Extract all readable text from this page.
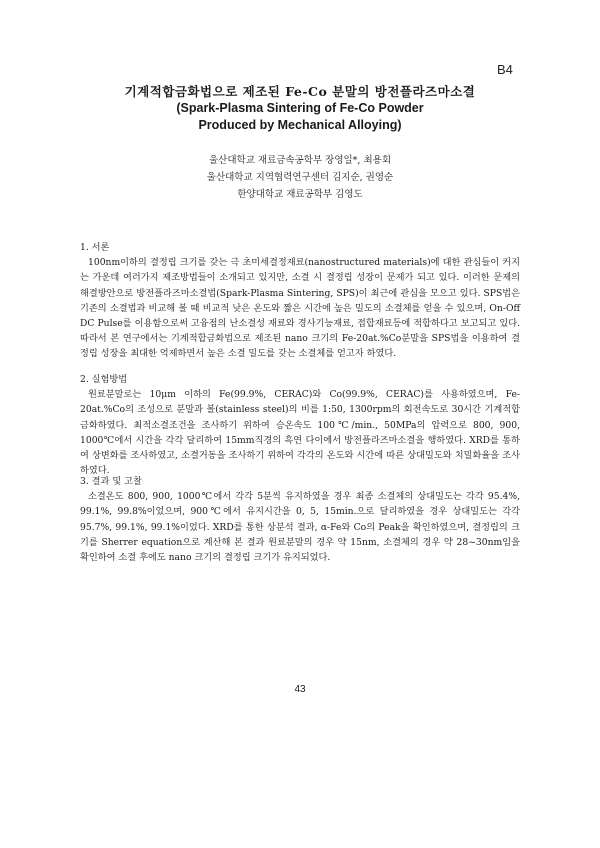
B4

기계적합금화법으로 제조된 Fe-Co 분말의 방전플라즈마소결

(Spark-Plasma Sintering of Fe-Co Powder

Produced by Mechanical Alloying)

울산대학교 재료금속공학부 장영일*, 최용회
울산대학교 지역협력연구센터 김지순, 권영순
한양대학교 재료공학부 김영도

1. 서론

100nm이하의 결정립 크기를 갖는 극 초미세결정재료(nanostructured materials)에 대한 관심들이 커지는 가운데 여러가지 제조방법들이 소개되고 있지만, 소결 시 결정립 성장이 문제가 되고 있다. 이러한 문제의 해결방안으로 방전플라즈마소결법(Spark-Plasma Sintering, SPS)이 최근에 관심을 모으고 있다. SPS법은 기존의 소결법과 비교해 볼 때 비교적 낮은 온도와 짧은 시간에 높은 밀도의 소결체를 얻을 수 있으며, On-Off DC Pulse를 이용함으로써 고융점의 난소결성 재료와 경사기능재료, 접합재료등에 적합하다고 보고되고 있다. 따라서 본 연구에서는 기계적합금화법으로 제조된 nano 크기의 Fe-20at.%Co분말을 SPS법을 이용하여 결정립 성장을 최대한 억제하면서 높은 소결 밀도를 갖는 소결체를 얻고자 하였다.

2. 실험방법

원료분말로는 10μm 이하의 Fe(99.9%, CERAC)와 Co(99.9%, CERAC)를 사용하였으며, Fe-20at.%Co의 조성으로 분말과 볼(stainless steel)의 비를 1:50, 1300rpm의 회전속도로 30시간 기계적합금화하였다. 최적소결조건을 조사하기 위하여 승온속도 100℃/min., 50MPa의 압력으로 800, 900, 1000℃에서 시간을 각각 달리하여 15mm직경의 흑연 다이에서 방전플라즈마소결을 행하였다. XRD를 통하여 상변화를 조사하였고, 소결거동을 조사하기 위하여 각각의 온도와 시간에 따른 상대밀도와 치밀화율을 조사하였다.

3. 결과 및 고찰

소결온도 800, 900, 1000℃에서 각각 5분씩 유지하였을 경우 최종 소결체의 상대밀도는 각각 95.4%, 99.1%, 99.8%이었으며, 900℃에서 유지시간을 0, 5, 15min.으로 달리하였을 경우 상대밀도는 각각 95.7%, 99.1%, 99.1%이었다. XRD를 통한 상분석 결과, α-Fe와 Co의 Peak을 확인하였으며, 결정립의 크기를 Sherrer equation으로 계산해 본 결과 원료분말의 경우 약 15nm, 소결체의 경우 약 28~30nm임을 확인하여 소결 후에도 nano 크기의 결정립 크기가 유지되었다.

43
